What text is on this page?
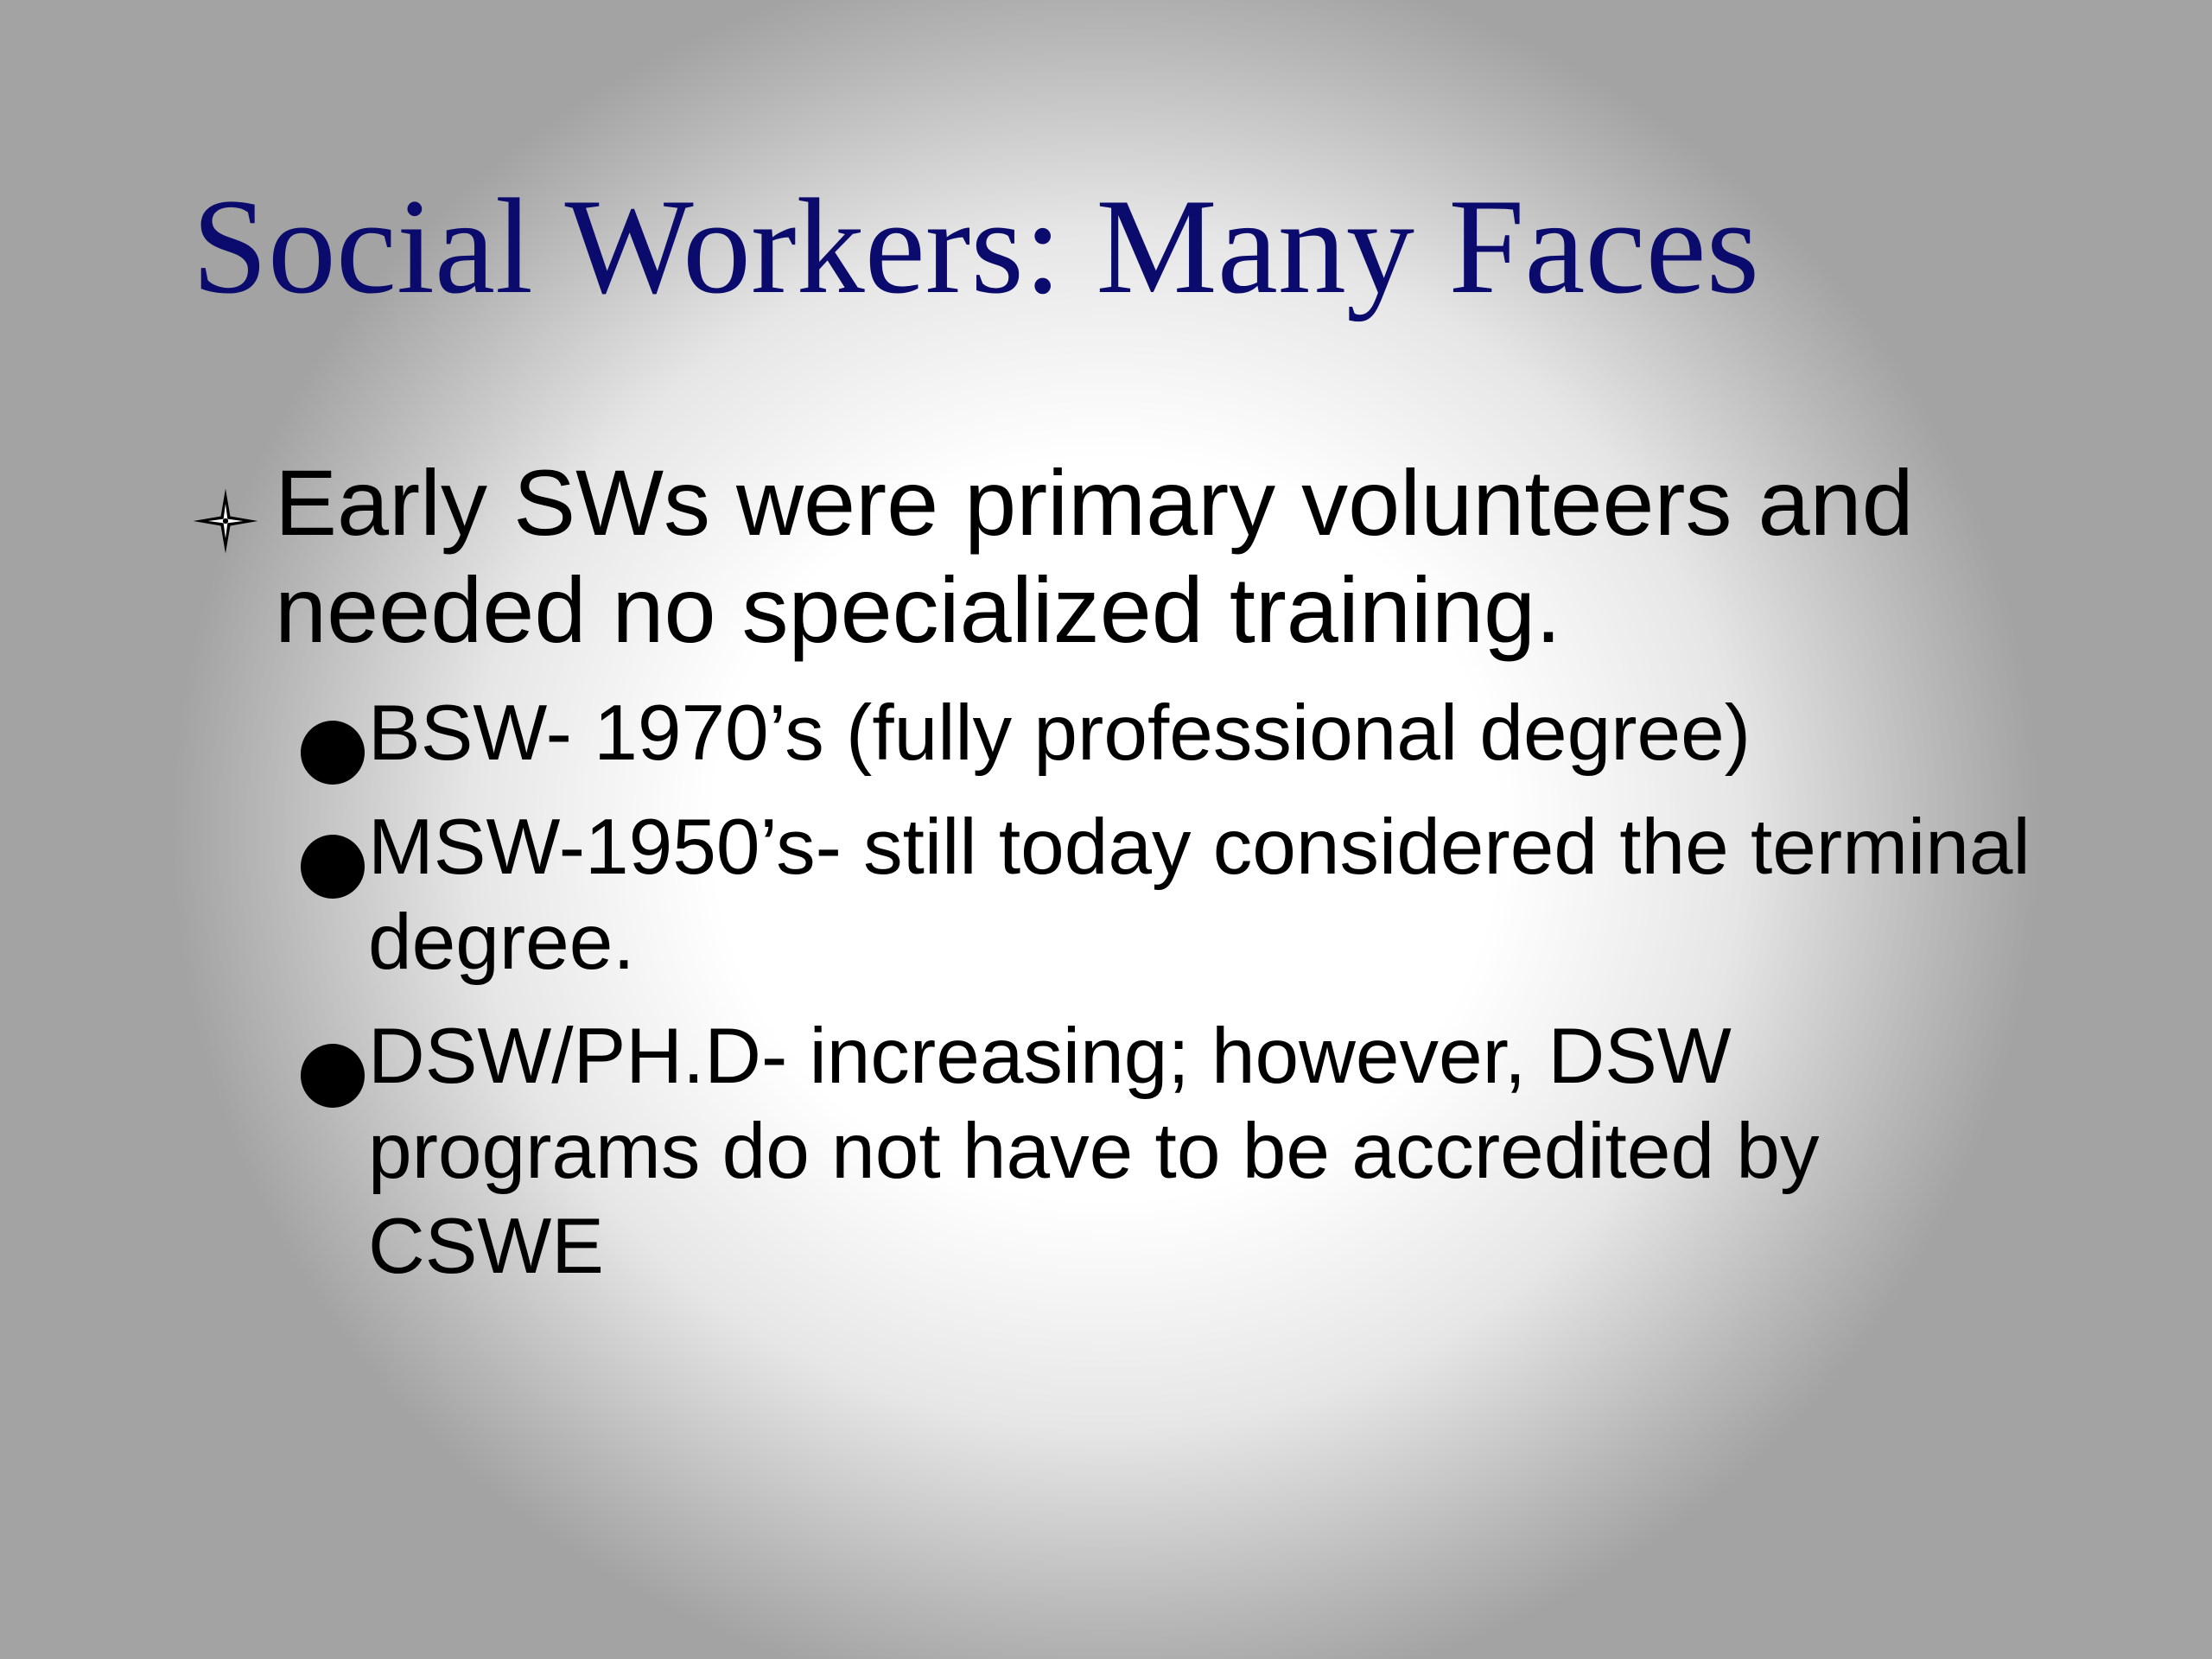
Social Workers: Many Faces
Early SWs were primary volunteers and needed no specialized training.
BSW- 1970’s (fully professional degree)
MSW-1950’s- still today considered the terminal degree.
DSW/PH.D- increasing; however, DSW programs do not have to be accredited by CSWE
